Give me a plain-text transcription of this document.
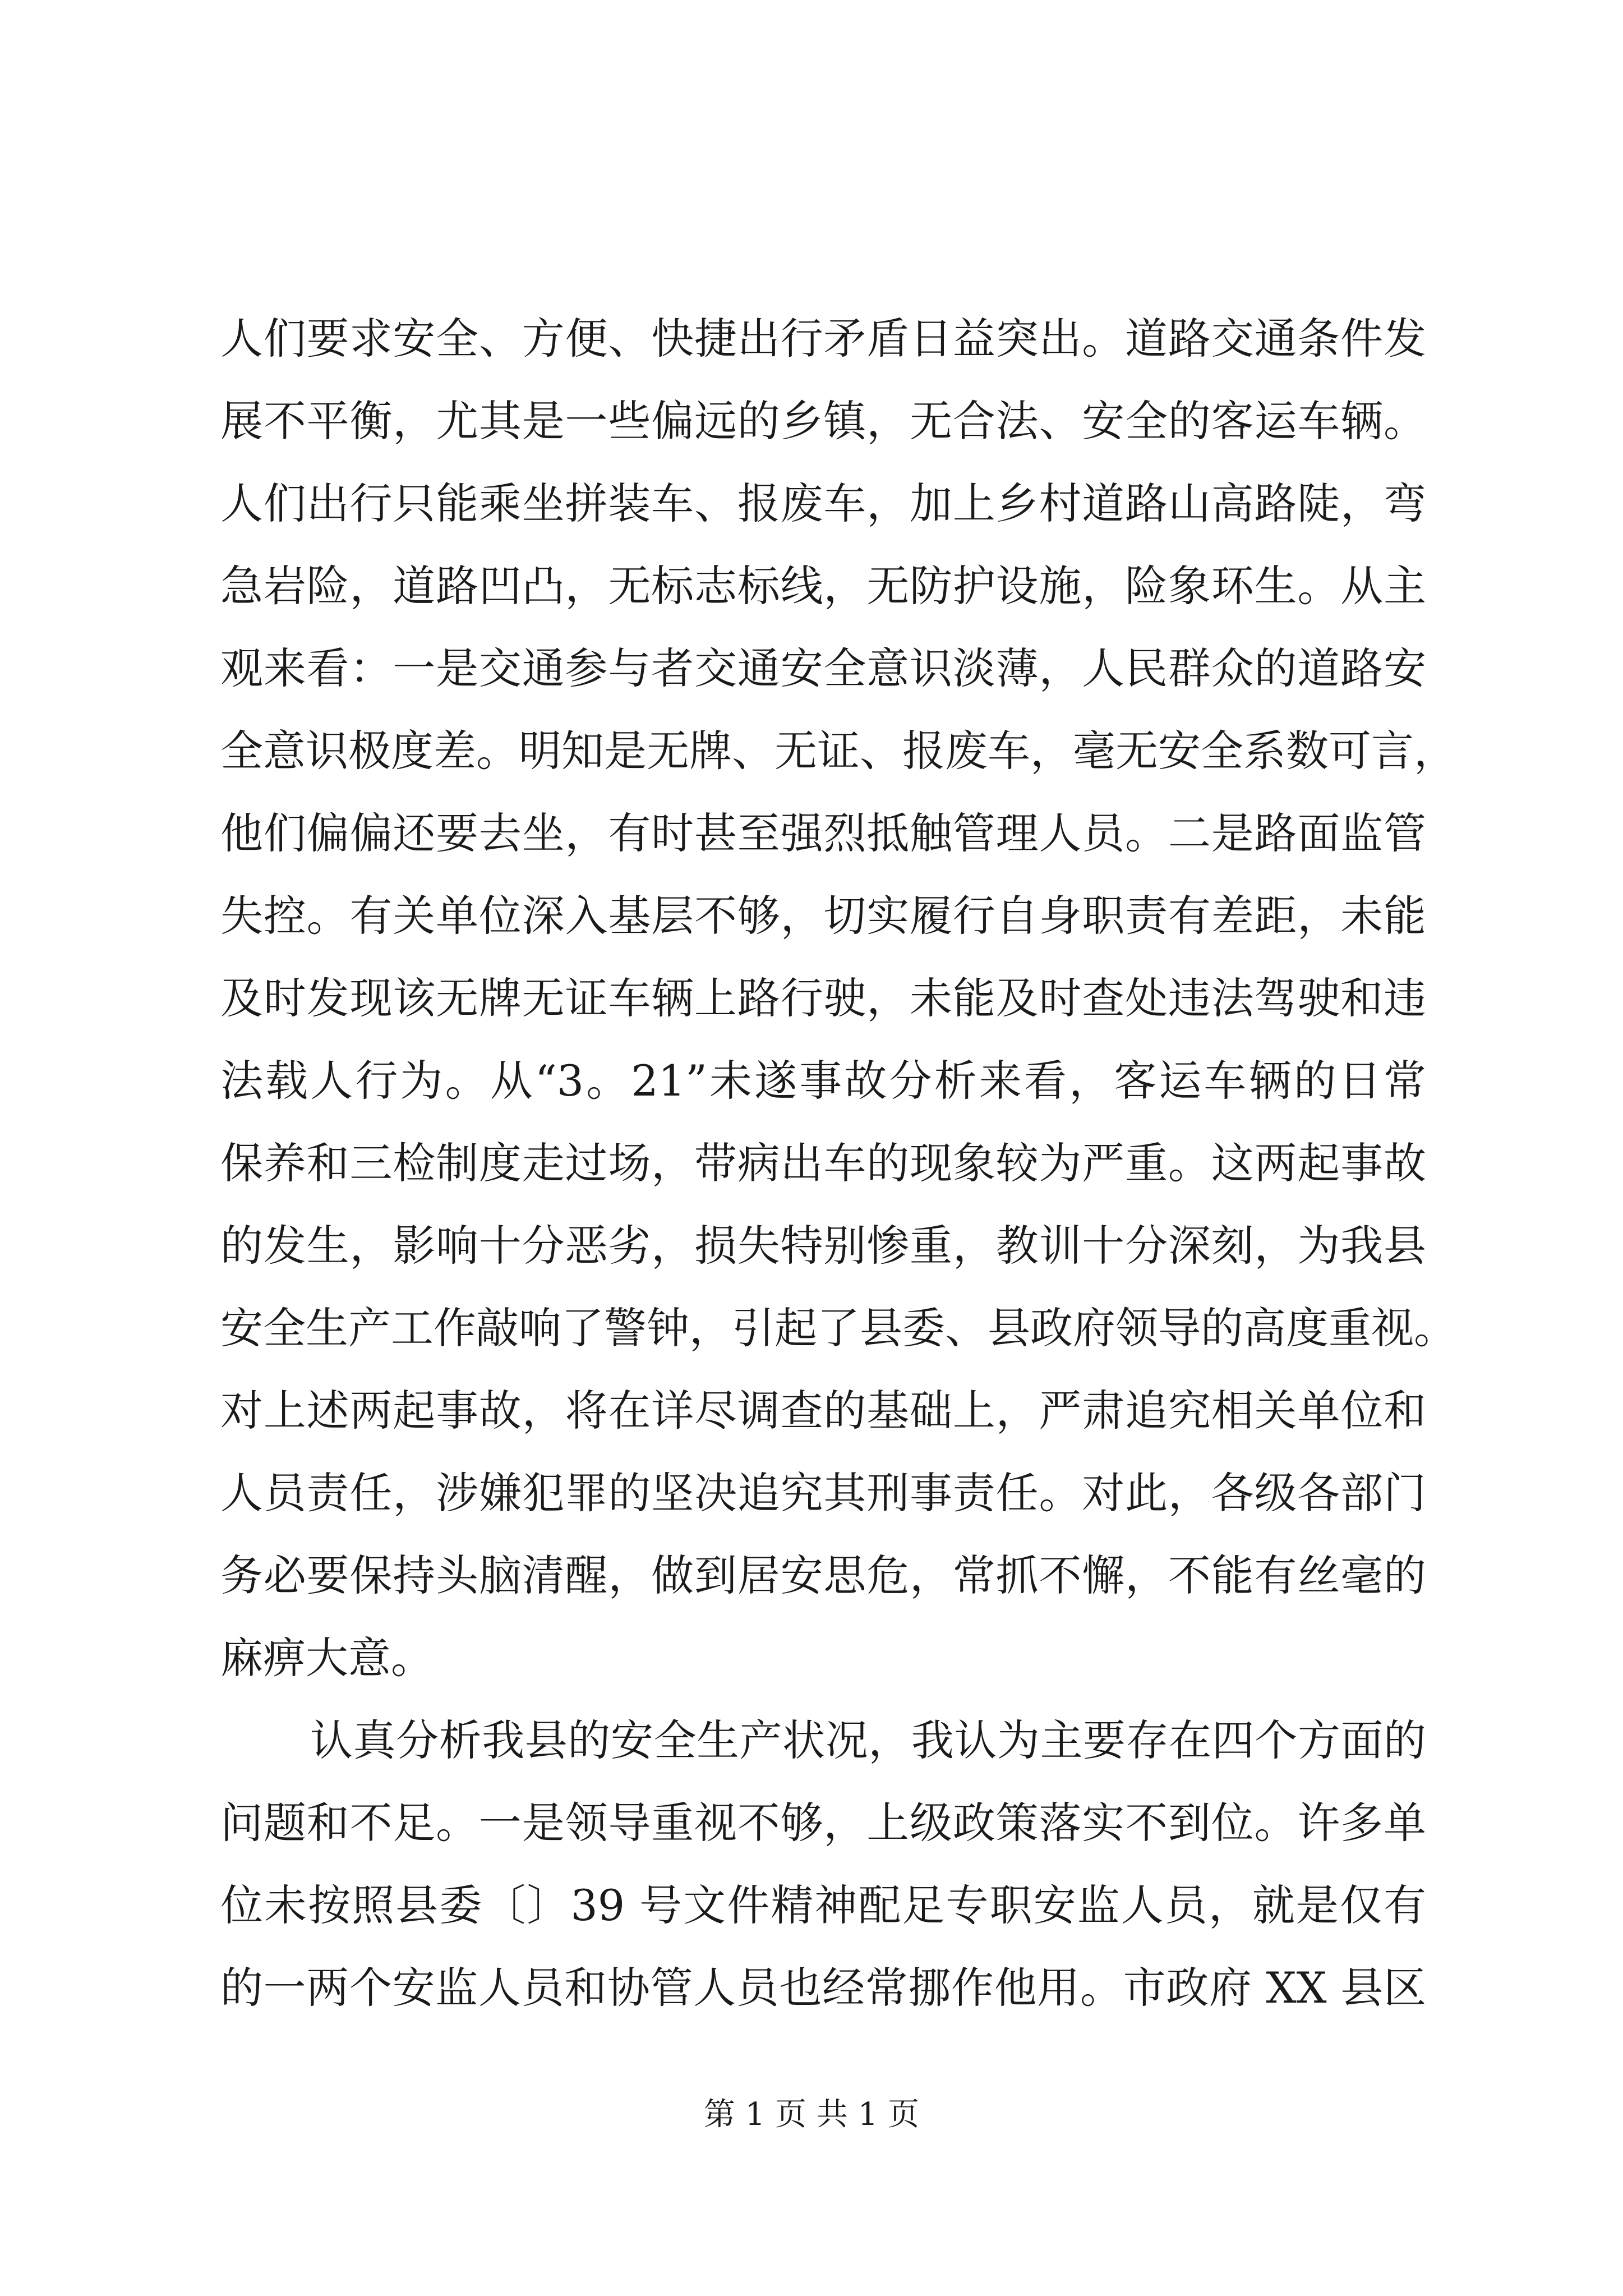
人们要求安全、方便、快捷出行矛盾日益突出。道路交通条件发
展不平衡，尤其是一些偏远的乡镇，无合法、安全的客运车辆。
人们出行只能乘坐拼装车、报废车，加上乡村道路山高路陡，弯
急岩险，道路凹凸，无标志标线，无防护设施，险象环生。从主
观来看：一是交通参与者交通安全意识淡薄，人民群众的道路安
全意识极度差。明知是无牌、无证、报废车，毫无安全系数可言，
他们偏偏还要去坐，有时甚至强烈抵触管理人员。二是路面监管
失控。有关单位深入基层不够，切实履行自身职责有差距，未能
及时发现该无牌无证车辆上路行驶，未能及时查处违法驾驶和违
法载人行为。从“3。21”未遂事故分析来看，客运车辆的日常
保养和三检制度走过场，带病出车的现象较为严重。这两起事故
的发生，影响十分恶劣，损失特别惨重，教训十分深刻，为我县
安全生产工作敲响了警钟，引起了县委、县政府领导的高度重视。
对上述两起事故，将在详尽调查的基础上，严肃追究相关单位和
人员责任，涉嫌犯罪的坚决追究其刑事责任。对此，各级各部门
务必要保持头脑清醒，做到居安思危，常抓不懈，不能有丝毫的
麻痹大意。
认真分析我县的安全生产状况，我认为主要存在四个方面的
问题和不足。一是领导重视不够，上级政策落实不到位。许多单
位未按照县委〔〕39 号文件精神配足专职安监人员，就是仅有
的一两个安监人员和协管人员也经常挪作他用。市政府 XX 县区
第 1 页 共 1 页
